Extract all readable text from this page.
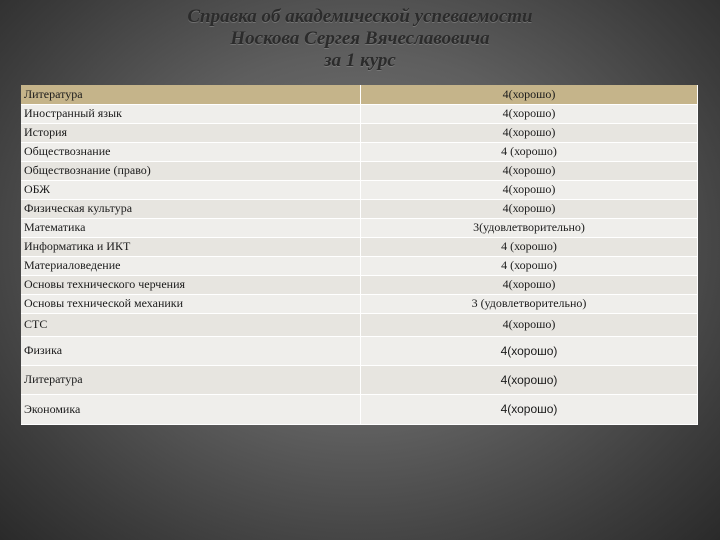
Справка об академической успеваемости
Носкова Сергея Вячеславовича
за 1 курс
Литература	4(хорошо)
Иностранный язык	4(хорошо)
История	4(хорошо)
Обществознание	4 (хорошо)
Обществознание (право)	4(хорошо)
ОБЖ	4(хорошо)
Физическая культура	4(хорошо)
Математика	3(удовлетворительно)
Информатика и ИКТ	4 (хорошо)
Материаловедение	4 (хорошо)
Основы технического черчения	4(хорошо)
Основы технической механики	3 (удовлетворительно)
СТС	4(хорошо)
Физика	4(хорошо)
Литература	4(хорошо)
Экономика	4(хорошо)
